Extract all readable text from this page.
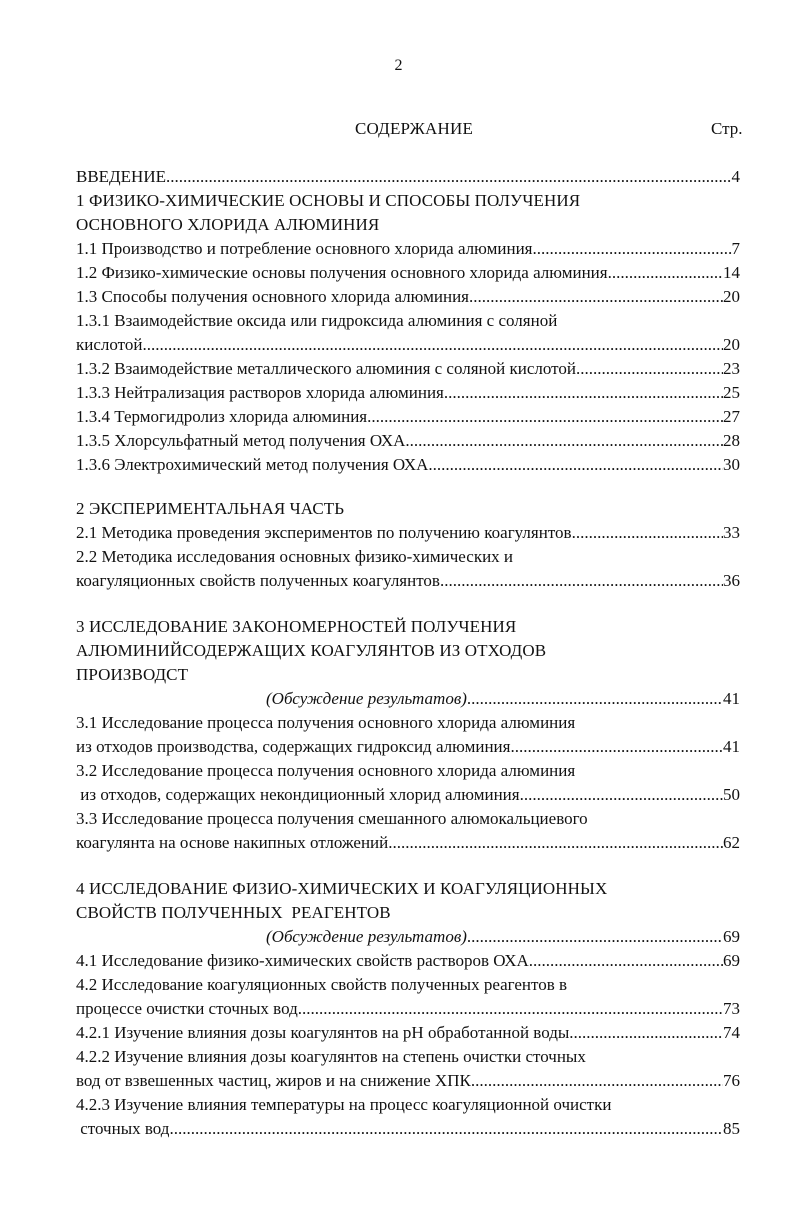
2
СОДЕРЖАНИЕ	Стр.
ВВЕДЕНИЕ .....	4
1 ФИЗИКО-ХИМИЧЕСКИЕ ОСНОВЫ И СПОСОБЫ ПОЛУЧЕНИЯ
ОСНОВНОГО ХЛОРИДА АЛЮМИНИЯ
1.1 Производство и потребление основного хлорида алюминия .....	7
1.2 Физико-химические основы получения основного хлорида алюминия .....	14
1.3 Способы получения основного хлорида алюминия .....	20
1.3.1 Взаимодействие оксида или гидроксида алюминия с соляной
кислотой .....	20
1.3.2 Взаимодействие металлического алюминия с соляной кислотой .....	23
1.3.3 Нейтрализация растворов хлорида алюминия .....	25
1.3.4 Термогидролиз хлорида алюминия .....	27
1.3.5 Хлорсульфатный метод получения ОХА .....	28
1.3.6 Электрохимический метод получения ОХА .....	30
2 ЭКСПЕРИМЕНТАЛЬНАЯ ЧАСТЬ
2.1 Методика проведения экспериментов по получению коагулянтов .....	33
2.2 Методика исследования основных физико-химических и
коагуляционных свойств полученных коагулянтов .....	36
3 ИССЛЕДОВАНИЕ ЗАКОНОМЕРНОСТЕЙ ПОЛУЧЕНИЯ
АЛЮМИНИЙСОДЕРЖАЩИХ КОАГУЛЯНТОВ ИЗ ОТХОДОВ
ПРОИЗВОДСТ
(Обсуждение результатов) .....	41
3.1 Исследование процесса получения основного хлорида алюминия
из отходов производства, содержащих гидроксид алюминия .....	41
3.2 Исследование процесса получения основного хлорида алюминия
из отходов, содержащих некондиционный хлорид алюминия .....	50
3.3 Исследование процесса получения смешанного алюмокальциевого
коагулянта на основе накипных отложений .....	62
4 ИССЛЕДОВАНИЕ ФИЗИО-ХИМИЧЕСКИХ И КОАГУЛЯЦИОННЫХ
СВОЙСТВ ПОЛУЧЕННЫХ  РЕАГЕНТОВ
(Обсуждение результатов) .....	69
4.1 Исследование физико-химических свойств растворов ОХА .....	69
4.2 Исследование коагуляционных свойств полученных реагентов в
процессе очистки сточных вод .....	73
4.2.1 Изучение влияния дозы коагулянтов на рН обработанной воды .....	74
4.2.2 Изучение влияния дозы коагулянтов на степень очистки сточных
вод от взвешенных частиц, жиров и на снижение ХПК .....	76
4.2.3 Изучение влияния температуры на процесс коагуляционной очистки
сточных вод .....	85
